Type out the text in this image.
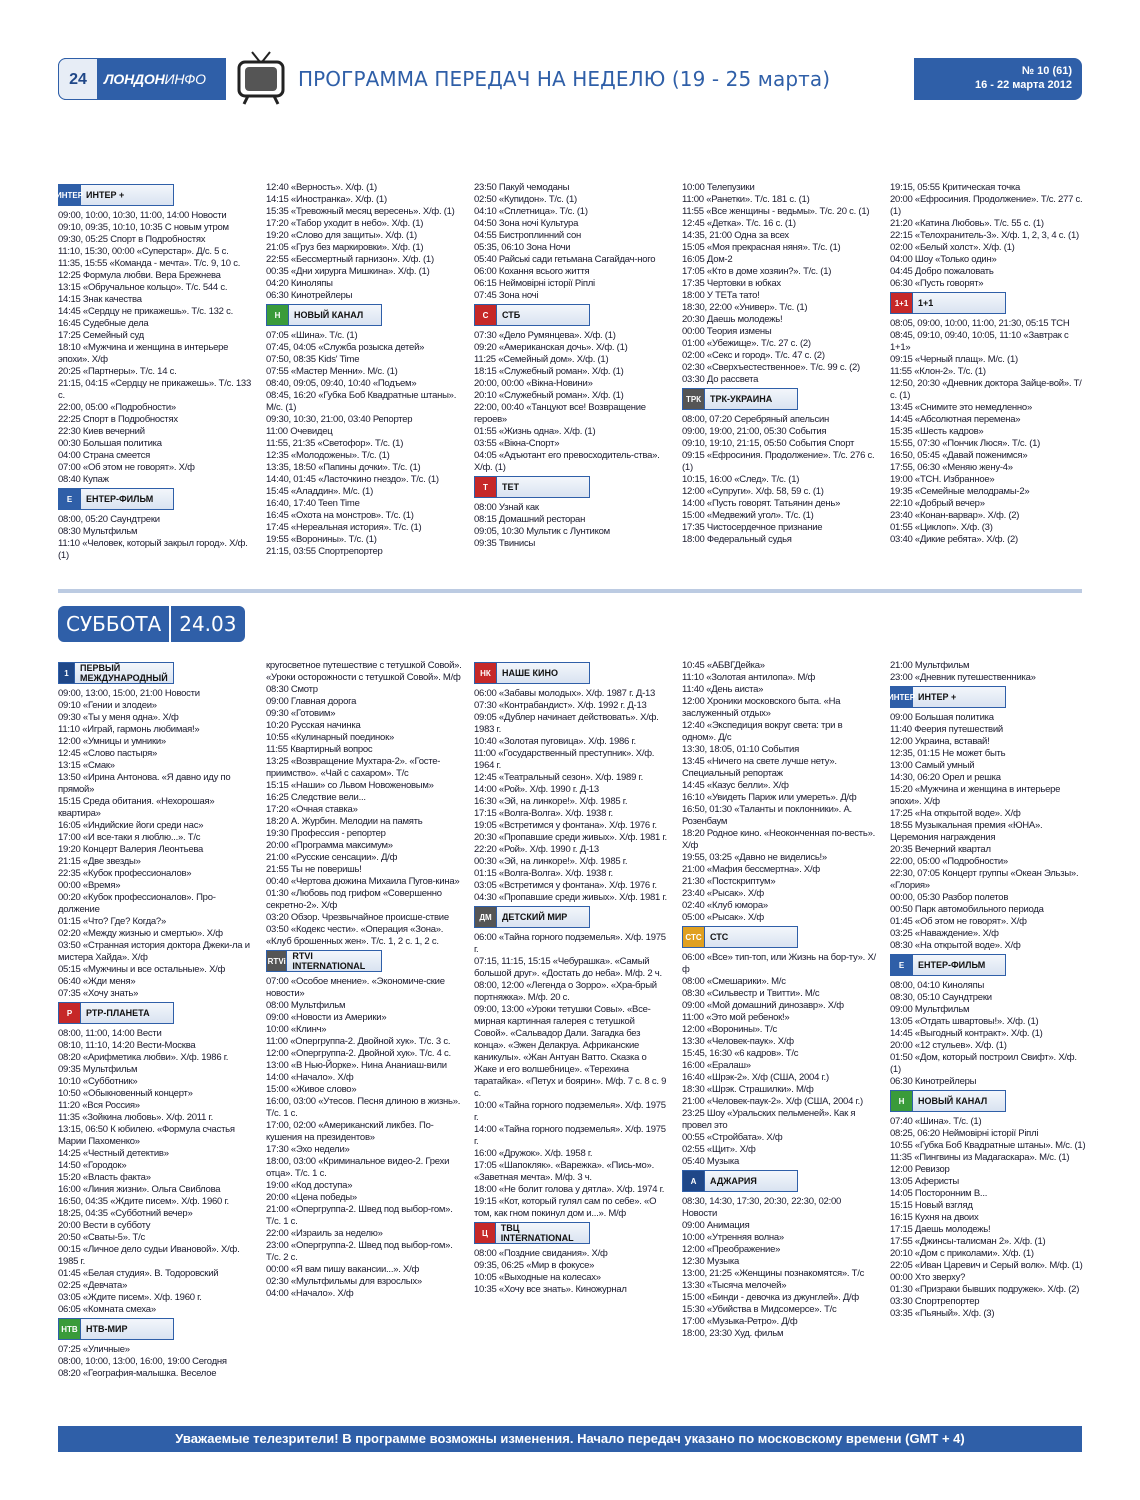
24	ЛОНДОНИНФО	ПРОГРАММА ПЕРЕДАЧ НА НЕДЕЛЮ (19 - 25 марта)	№ 10 (61)
16 - 22 марта 2012
ИНТЕР ИНТЕР +
09:00, 10:00, 10:30, 11:00, 14:00 Новости
09:10, 09:35, 10:10, 10:35 С новым утром
09:30, 05:25 Спорт в Подробностях
11:10, 15:30, 00:00 «Суперстар». Д/с. 5 с.
11:35, 15:55 «Команда - мечта». Т/с. 9, 10 с.
12:25 Формула любви. Вера Брежнева
13:15 «Обручальное кольцо». Т/с. 544 с.
14:15 Знак качества
14:45 «Сердцу не прикажешь». Т/с. 132 с.
16:45 Судебные дела
17:25 Семейный суд
18:10 «Мужчина и женщина в интерьере эпохи». Х/ф
20:25 «Партнеры». Т/с. 14 с.
21:15, 04:15 «Сердцу не прикажешь». Т/с. 133 с.
22:00, 05:00 «Подробности»
22:25 Спорт в Подробностях
22:30 Киев вечерний
00:30 Большая политика
04:00 Страна смеется
07:00 «Об этом не говорят». Х/ф
08:40 Купаж
E	ЕНТЕР-ФИЛЬМ
08:00, 05:20 Саундтреки
08:30 Мультфильм
11:10 «Человек, который закрыл город». Х/ф. (1)
12:40 «Верность». Х/ф. (1)
14:15 «Иностранка». Х/ф. (1)
15:35 «Тревожный месяц вересень». Х/ф. (1)
17:20 «Табор уходит в небо». Х/ф. (1)
19:20 «Слово для защиты». Х/ф. (1)
21:05 «Груз без маркировки». Х/ф. (1)
22:55 «Бессмертный гарнизон». Х/ф. (1)
00:35 «Дни хирурга Мишкина». Х/ф. (1)
04:20 Киноляпы
06:30 Кинотрейлеры
Н	НОВЫЙ КАНАЛ
07:05 «Шина». Т/с. (1)
07:45, 04:05 «Служба розыска детей»
07:50, 08:35 Kids' Time
07:55 «Мастер Менни». М/с. (1)
08:40, 09:05, 09:40, 10:40 «Подъем»
08:45, 16:20 «Губка Боб Квадратные штаны». М/с. (1)
09:30, 10:30, 21:00, 03:40 Репортер
11:00 Очевидец
11:55, 21:35 «Светофор». Т/с. (1)
12:35 «Молодожены». Т/с. (1)
13:35, 18:50 «Папины дочки». Т/с. (1)
14:40, 01:45 «Ласточкино гнездо». Т/с. (1)
15:45 «Аладдин». М/с. (1)
16:40, 17:40 Teen Time
16:45 «Охота на монстров». Т/с. (1)
17:45 «Нереальная история». Т/с. (1)
19:55 «Воронины». Т/с. (1)
21:15, 03:55 Спортрепортер
23:50 Пакуй чемоданы
02:50 «Купидон». Т/с. (1)
04:10 «Сплетница». Т/с. (1)
04:50 Зона ночі Культура
04:55 Бистроплинний сон
05:35, 06:10 Зона Ночи
05:40 Райські сади гетьмана Сагайдач-ного
06:00 Кохання всього життя
06:15 Неймовірні історії Ріплі
07:45 Зона ночі
С	СТБ
07:30 «Дело Румянцева». Х/ф. (1)
09:20 «Американская дочь». Х/ф. (1)
11:25 «Семейный дом». Х/ф. (1)
18:15 «Служебный роман». Х/ф. (1)
20:00, 00:00 «Вікна-Новини»
20:10 «Служебный роман». Х/ф. (1)
22:00, 00:40 «Танцуют все! Возвращение героев»
01:55 «Жизнь одна». Х/ф. (1)
03:55 «Вікна-Спорт»
04:05 «Адъютант его превосходитель-ства». Х/ф. (1)
Т	ТЕТ
08:00 Узнай как
08:15 Домашний ресторан
09:05, 10:30 Мультик с Лунтиком
09:35 Твинисы
10:00 Телепузики
11:00 «Ранетки». Т/с. 181 с. (1)
11:55 «Все женщины - ведьмы». Т/с. 20 с. (1)
12:45 «Детка». Т/с. 16 с. (1)
14:35, 21:00 Одна за всех
15:05 «Моя прекрасная няня». Т/с. (1)
16:05 Дом-2
17:05 «Кто в доме хозяин?». Т/с. (1)
17:35 Чертовки в юбках
18:00 У ТЕТа тато!
18:30, 22:00 «Универ». Т/с. (1)
20:30 Даешь молодежь!
00:00 Теория измены
01:00 «Убежище». Т/с. 27 с. (2)
02:00 «Секс и город». Т/с. 47 с. (2)
02:30 «Сверхъестественное». Т/с. 99 с. (2)
03:30 До рассвета
ТРК ТРК-УКРАИНА
08:00, 07:20 Серебряный апельсин
09:00, 19:00, 21:00, 05:30 События
09:10, 19:10, 21:15, 05:50 События Спорт
09:15 «Ефросиния. Продолжение». Т/с. 276 с. (1)
10:15, 16:00 «След». Т/с. (1)
12:00 «Супруги». Х/ф. 58, 59 с. (1)
14:00 «Пусть говорят. Татьянин день»
15:00 «Медвежий угол». Т/с. (1)
17:35 Чистосердечное признание
18:00 Федеральный судья
19:15, 05:55 Критическая точка
20:00 «Ефросиния. Продолжение». Т/с. 277 с. (1)
21:20 «Катина Любовь». Т/с. 55 с. (1)
22:15 «Телохранитель-3». Х/ф. 1, 2, 3, 4 с. (1)
02:00 «Белый холст». Х/ф. (1)
04:00 Шоу «Только один»
04:45 Добро пожаловать
06:30 «Пусть говорят»
1+1	1+1
08:05, 09:00, 10:00, 11:00, 21:30, 05:15 ТСН
08:45, 09:10, 09:40, 10:05, 11:10 «Завтрак с 1+1»
09:15 «Черный плащ». М/с. (1)
11:55 «Клон-2». Т/с. (1)
12:50, 20:30 «Дневник доктора Зайце-вой». Т/с. (1)
13:45 «Снимите это немедленно»
14:45 «Абсолютная перемена»
15:35 «Шесть кадров»
15:55, 07:30 «Пончик Люся». Т/с. (1)
16:50, 05:45 «Давай поженимся»
17:55, 06:30 «Меняю жену-4»
19:00 «ТСН. Избранное»
19:35 «Семейные мелодрамы-2»
22:10 «Добрый вечер»
23:40 «Конан-варвар». Х/ф. (2)
01:55 «Циклоп». Х/ф. (3)
03:40 «Дикие ребята». Х/ф. (2)
СУББОТА 24.03
1	ПЕРВЫЙ МЕЖДУНАРОДНЫЙ
09:00, 13:00, 15:00, 21:00 Новости
09:10 «Гении и злодеи»
09:30 «Ты у меня одна». Х/ф
11:10 «Играй, гармонь любимая!»
12:00 «Умницы и умники»
12:45 «Слово пастыря»
13:15 «Смак»
13:50 «Ирина Антонова. «Я давно иду по прямой»
15:15 Среда обитания. «Нехорошая» квартира»
16:05 «Индийские йоги среди нас»
17:00 «И все-таки я люблю...». Т/с
19:20 Концерт Валерия Леонтьева
21:15 «Две звезды»
22:35 «Кубок профессионалов»
00:00 «Время»
00:20 «Кубок профессионалов». Про-должение
01:15 «Что? Где? Когда?»
02:20 «Между жизнью и смертью». Х/ф
03:50 «Странная история доктора Джеки-ла и мистера Хайда». Х/ф
05:15 «Мужчины и все остальные». Х/ф
06:40 «Жди меня»
07:35 «Хочу знать»
Р	РТР-ПЛАНЕТА
08:00, 11:00, 14:00 Вести
08:10, 11:10, 14:20 Вести-Москва
08:20 «Арифметика любви». Х/ф. 1986 г.
09:35 Мультфильм
10:10 «Субботник»
10:50 «Обыкновенный концерт»
11:20 «Вся Россия»
11:35 «Зойкина любовь». Х/ф. 2011 г.
13:15, 06:50 К юбилею. «Формула счастья Марии Пахоменко»
14:25 «Честный детектив»
14:50 «Городок»
15:20 «Власть факта»
16:00 «Линия жизни». Ольга Свиблова
16:50, 04:35 «Ждите писем». Х/ф. 1960 г.
18:25, 04:35 «Субботний вечер»
20:00 Вести в субботу
20:50 «Сваты-5». Т/с
00:15 «Личное дело судьи Ивановой». Х/ф. 1985 г.
01:45 «Белая студия». В. Тодоровский
02:25 «Девчата»
03:05 «Ждите писем». Х/ф. 1960 г.
06:05 «Комната смеха»
НТВ НТВ-МИР
07:25 «Уличные»
08:00, 10:00, 13:00, 16:00, 19:00 Сегодня
08:20 «География-малышка. Веселое
кругосветное путешествие с тетушкой Совой». «Уроки осторожности с тетушкой Совой». М/ф
08:30 Смотр
09:00 Главная дорога
09:30 «Готовим»
10:20 Русская начинка
10:55 «Кулинарный поединок»
11:55 Квартирный вопрос
13:25 «Возвращение Мухтара-2». «Госте-приимство». «Чай с сахаром». Т/с
15:15 «Наши» со Львом Новоженовым»
16:25 Следствие вели...
17:20 «Очная ставка»
18:20 А. Журбин. Мелодии на память
19:30 Профессия - репортер
20:00 «Программа максимум»
21:00 «Русские сенсации». Д/ф
21:55 Ты не поверишь!
00:40 «Чертова дюжина Михаила Пугов-кина»
01:30 «Любовь под грифом «Совершенно секретно-2». Х/ф
03:20 Обзор. Чрезвычайное происше-ствие
03:50 «Кодекс чести». «Операция «Зона». «Клуб брошенных жен». Т/с. 1, 2 с. 1, 2 с.
RTVi RTVI INTERNATIONAL
07:00 «Особое мнение». «Экономиче-ские новости»
08:00 Мультфильм
09:00 «Новости из Америки»
10:00 «Клинч»
11:00 «Опергруппа-2. Двойной хук». Т/с. 3 с.
12:00 «Опергруппа-2. Двойной хук». Т/с. 4 с.
13:00 «В Нью-Йорке». Нина Ананиаш-вили
14:00 «Начало». Х/ф
15:00 «Живое слово»
16:00, 03:00 «Утесов. Песня длиною в жизнь». Т/с. 1 с.
17:00, 02:00 «Американский ликбез. По-кушения на президентов»
17:30 «Эхо недели»
18:00, 03:00 «Криминальное видео-2. Грехи отца». Т/с. 1 с.
19:00 «Код доступа»
20:00 «Цена победы»
21:00 «Опергруппа-2. Швед под выбор-гом». Т/с. 1 с.
22:00 «Израиль за неделю»
23:00 «Опергруппа-2. Швед под выбор-гом». Т/с. 2 с.
00:00 «Я вам пишу вакансии...». Х/ф
02:30 «Мультфильмы для взрослых»
04:00 «Начало». Х/ф
НК	НАШЕ КИНО
06:00 «Забавы молодых». Х/ф. 1987 г. Д-13
07:30 «Контрабандист». Х/ф. 1992 г. Д-13
09:05 «Дублер начинает действовать». Х/ф. 1983 г.
10:40 «Золотая пуговица». Х/ф. 1986 г.
11:00 «Государственный преступник». Х/ф. 1964 г.
12:45 «Театральный сезон». Х/ф. 1989 г.
14:00 «Рой». Х/ф. 1990 г. Д-13
16:30 «Эй, на линкоре!». Х/ф. 1985 г.
17:15 «Волга-Волга». Х/ф. 1938 г.
19:05 «Встретимся у фонтана». Х/ф. 1976 г.
20:30 «Пропавшие среди живых». Х/ф. 1981 г.
22:20 «Рой». Х/ф. 1990 г. Д-13
00:30 «Эй, на линкоре!». Х/ф. 1985 г.
01:15 «Волга-Волга». Х/ф. 1938 г.
03:05 «Встретимся у фонтана». Х/ф. 1976 г.
04:30 «Пропавшие среди живых». Х/ф. 1981 г.
ДМ	ДЕТСКИЙ МИР
06:00 «Тайна горного подземелья». Х/ф. 1975 г.
07:15, 11:15, 15:15 «Чебурашка». «Самый большой друг». «Достать до неба». М/ф. 2 ч.
08:00, 12:00 «Легенда о Зорро». «Хра-брый портняжка». М/ф. 20 с.
09:00, 13:00 «Уроки тетушки Совы». «Все-мирная картинная галерея с тетушкой Совой». «Сальвадор Дали. Загадка без конца». «Эжен Делакруа. Африканские каникулы». «Жан Антуан Ватто. Сказка о Жаке и его волшебнице». «Терехина таратайка». «Петух и боярин». М/ф. 7 с. 8 с. 9 с.
10:00 «Тайна горного подземелья». Х/ф. 1975 г.
14:00 «Тайна горного подземелья». Х/ф. 1975 г.
16:00 «Дружок». Х/ф. 1958 г.
17:05 «Шапокляк». «Варежка». «Пись-мо». «Заветная мечта». М/ф. 3 ч.
18:00 «Не болит голова у дятла». Х/ф. 1974 г.
19:15 «Кот, который гулял сам по себе». «О том, как гном покинул дом и...». М/ф
Ц	ТВЦ INTERNATIONAL
08:00 «Поздние свидания». Х/ф
09:35, 06:25 «Мир в фокусе»
10:05 «Выходные на колесах»
10:35 «Хочу все знать». Киножурнал
10:45 «АБВГДейка»
11:10 «Золотая антилопа». М/ф
11:40 «День аиста»
12:00 Хроники московского быта. «На заслуженный отдых»
12:40 «Экспедиция вокруг света: три в одном». Д/с
13:30, 18:05, 01:10 События
13:45 «Ничего на свете лучше нету». Специальный репортаж
14:45 «Казус белли». Х/ф
16:10 «Увидеть Париж или умереть». Д/ф
16:50, 01:30 «Таланты и поклонники». А. Розенбаум
18:20 Родное кино. «Неоконченная по-весть». Х/ф
19:55, 03:25 «Давно не виделись!»
21:00 «Мафия бессмертна». Х/ф
21:30 «Постскриптум»
23:40 «Рысак». Х/ф
02:40 «Клуб юмора»
05:00 «Рысак». Х/ф
СТС СТС
06:00 «Все» тип-топ, или Жизнь на бор-ту». Х/ф
08:00 «Смешарики». М/с
08:30 «Сильвестр и Твитти». М/с
09:00 «Мой домашний динозавр». Х/ф
11:00 «Это мой ребенок!»
12:00 «Воронины». Т/с
13:30 «Человек-паук». Х/ф
15:45, 16:30 «6 кадров». Т/с
16:00 «Ералаш»
16:40 «Шрэк-2». Х/ф (США, 2004 г.)
18:30 «Шрэк. Страшилки». М/ф
21:00 «Человек-паук-2». Х/ф (США, 2004 г.)
23:25 Шоу «Уральских пельменей». Как я провел это
00:55 «Стройбата». Х/ф
02:55 «Щит». Х/ф
05:40 Музыка
А	АДЖАРИЯ
08:30, 14:30, 17:30, 20:30, 22:30, 02:00 Новости
09:00 Анимация
10:00 «Утренняя волна»
12:00 «Преображение»
12:30 Музыка
13:00, 21:25 «Женщины познакомятся». Т/с
13:30 «Тысяча мелочей»
15:00 «Бинди - девочка из джунглей». Д/ф
15:30 «Убийства в Мидсомерсе». Т/с
17:00 «Музыка-Ретро». Д/ф
18:00, 23:30 Худ. фильм
21:00 Мультфильм
23:00 «Дневник путешественника»
ИНТЕР ИНТЕР +
09:00 Большая политика
11:40 Феерия путешествий
12:00 Украина, вставай!
12:35, 01:15 Не может быть
13:00 Самый умный
14:30, 06:20 Орел и решка
15:20 «Мужчина и женщина в интерьере эпохи». Х/ф
17:25 «На открытой воде». Х/ф
18:55 Музыкальная премия «ЮНА». Церемония награждения
20:35 Вечерний квартал
22:00, 05:00 «Подробности»
22:30, 07:05 Концерт группы «Океан Эльзы». «Глория»
00:00, 05:30 Разбор полетов
00:50 Парк автомобильного периода
01:45 «Об этом не говорят». Х/ф
03:25 «Наваждение». Х/ф
08:30 «На открытой воде». Х/ф
E	ЕНТЕР-ФИЛЬМ
08:00, 04:10 Киноляпы
08:30, 05:10 Саундтреки
09:00 Мультфильм
13:05 «Отдать швартовы!». Х/ф. (1)
14:45 «Выгодный контракт». Х/ф. (1)
20:00 «12 стульев». Х/ф. (1)
01:50 «Дом, который построил Свифт». Х/ф. (1)
06:30 Кинотрейлеры
Н	НОВЫЙ КАНАЛ
07:40 «Шина». Т/с. (1)
08:25, 06:20 Неймовірні історії Ріплі
10:55 «Губка Боб Квадратные штаны». М/с. (1)
11:35 «Пингвины из Мадагаскара». М/с. (1)
12:00 Ревизор
13:05 Аферисты
14:05 Посторонним В...
15:15 Новый взгляд
16:15 Кухня на двоих
17:15 Даешь молодежь!
17:55 «Джинсы-талисман 2». Х/ф. (1)
20:10 «Дом с приколами». Х/ф. (1)
22:05 «Иван Царевич и Серый волк». М/ф. (1)
00:00 Хто зверху?
01:30 «Призраки бывших подружек». Х/ф. (2)
03:30 Спортрепортер
03:35 «Пьяный». Х/ф. (3)
Уважаемые телезрители! В программе возможны изменения. Начало передач указано по московскому времени (GMT + 4)
